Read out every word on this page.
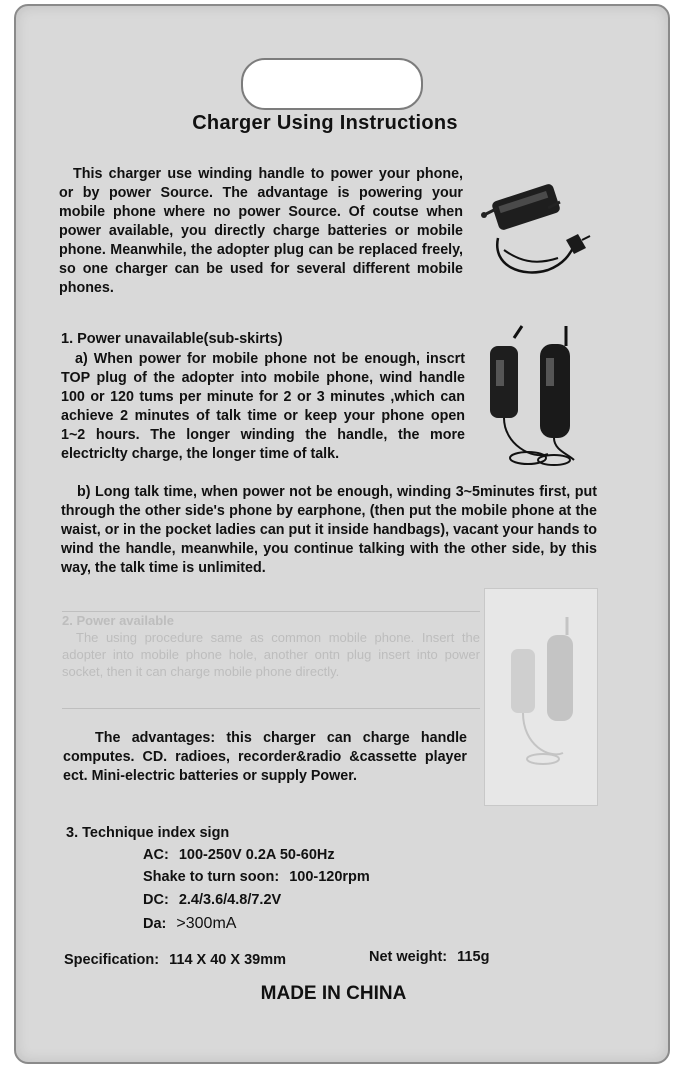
Charger Using Instructions
This charger use winding handle to power your phone, or by power Source. The advantage is powering your mobile phone where no power Source. Of coutse when power available, you directly charge batteries or mobile phone. Meanwhile, the adopter plug can be replaced freely, so one charger can be used for several different mobile phones.
1. Power unavailable(sub-skirts)
a) When power for mobile phone not be enough, inscrt TOP plug of the adopter into mobile phone, wind handle 100 or 120 tums per minute for 2 or 3 minutes ,which can achieve 2 minutes of talk time or keep your phone open 1~2 hours. The longer winding the handle, the more electriclty charge, the longer time of talk.
b) Long talk time, when power not be enough, winding 3~5minutes first, put through the other side's phone by earphone, (then put the mobile phone at the waist, or in the pocket ladies can put it inside handbags), vacant your hands to wind the handle, meanwhile, you continue talking with the other side, by this way, the talk time is unlimited.
2. Power available
The using procedure same as common mobile phone. Insert the adopter into mobile phone hole, another ontn plug insert into power socket, then it can charge mobile phone directly.
The advantages: this charger can charge handle computes. CD. radioes, recorder&radio &cassette player ect. Mini-electric batteries or supply Power.
3. Technique index sign
AC: 100-250V 0.2A 50-60Hz
Shake to turn soon: 100-120rpm
DC: 2.4/3.6/4.8/7.2V
Da: >300mA
Specification: 114 X 40 X 39mm	Net weight: 115g
MADE IN CHINA
